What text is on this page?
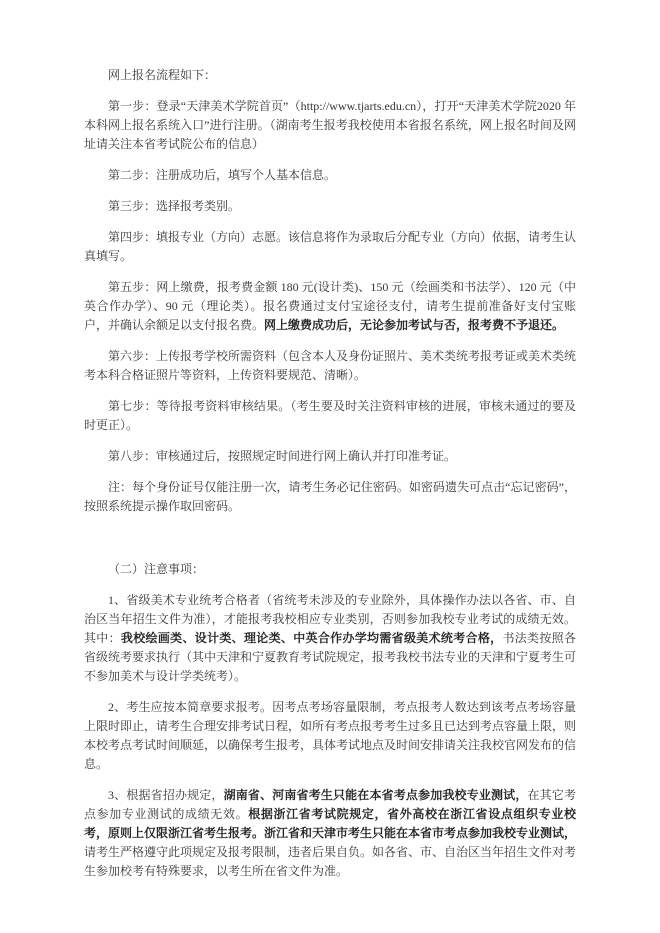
网上报名流程如下：

第一步：登录“天津美术学院首页”（http://www.tjarts.edu.cn），打开“天津美术学院2020 年本科网上报名系统入口”进行注册。（湖南考生报考我校使用本省报名系统，网上报名时间及网址请关注本省考试院公布的信息）

第二步：注册成功后，填写个人基本信息。

第三步：选择报考类别。

第四步：填报专业（方向）志愿。该信息将作为录取后分配专业（方向）依据，请考生认真填写。

第五步：网上缴费，报考费金额 180 元(设计类)、150 元（绘画类和书法学）、120 元（中英合作办学）、90 元（理论类）。报名费通过支付宝途径支付，请考生提前准备好支付宝账户，并确认余额足以支付报名费。网上缴费成功后，无论参加考试与否，报考费不予退还。

第六步：上传报考学校所需资料（包含本人及身份证照片、美术类统考报考证或美术类统考本科合格证照片等资料，上传资料要规范、清晰）。

第七步：等待报考资料审核结果。（考生要及时关注资料审核的进展，审核未通过的要及时更正）。

第八步：审核通过后，按照规定时间进行网上确认并打印准考证。

注：每个身份证号仅能注册一次，请考生务必记住密码。如密码遗失可点击“忘记密码”，按照系统提示操作取回密码。

（二）注意事项：

1、省级美术专业统考合格者（省统考未涉及的专业除外，具体操作办法以各省、市、自治区当年招生文件为准），才能报考我校相应专业类别，否则参加我校专业考试的成绩无效。其中：我校绘画类、设计类、理论类、中英合作办学均需省级美术统考合格，书法类按照各省级统考要求执行（其中天津和宁夏教育考试院规定，报考我校书法专业的天津和宁夏考生可不参加美术与设计学类统考）。

2、考生应按本简章要求报考。因考点考场容量限制，考点报考人数达到该考点考场容量上限时即止，请考生合理安排考试日程，如所有考点报考考生过多且已达到考点容量上限，则本校考点考试时间顺延，以确保考生报考，具体考试地点及时间安排请关注我校官网发布的信息。

3、根据省招办规定，湖南省、河南省考生只能在本省考点参加我校专业测试，在其它考点参加专业测试的成绩无效。根据浙江省考试院规定，省外高校在浙江省设点组织专业校考，原则上仅限浙江省考生报考。浙江省和天津市考生只能在本省市考点参加我校专业测试，请考生严格遵守此项规定及报考限制，违者后果自负。如各省、市、自治区当年招生文件对考生参加校考有特殊要求，以考生所在省文件为准。
